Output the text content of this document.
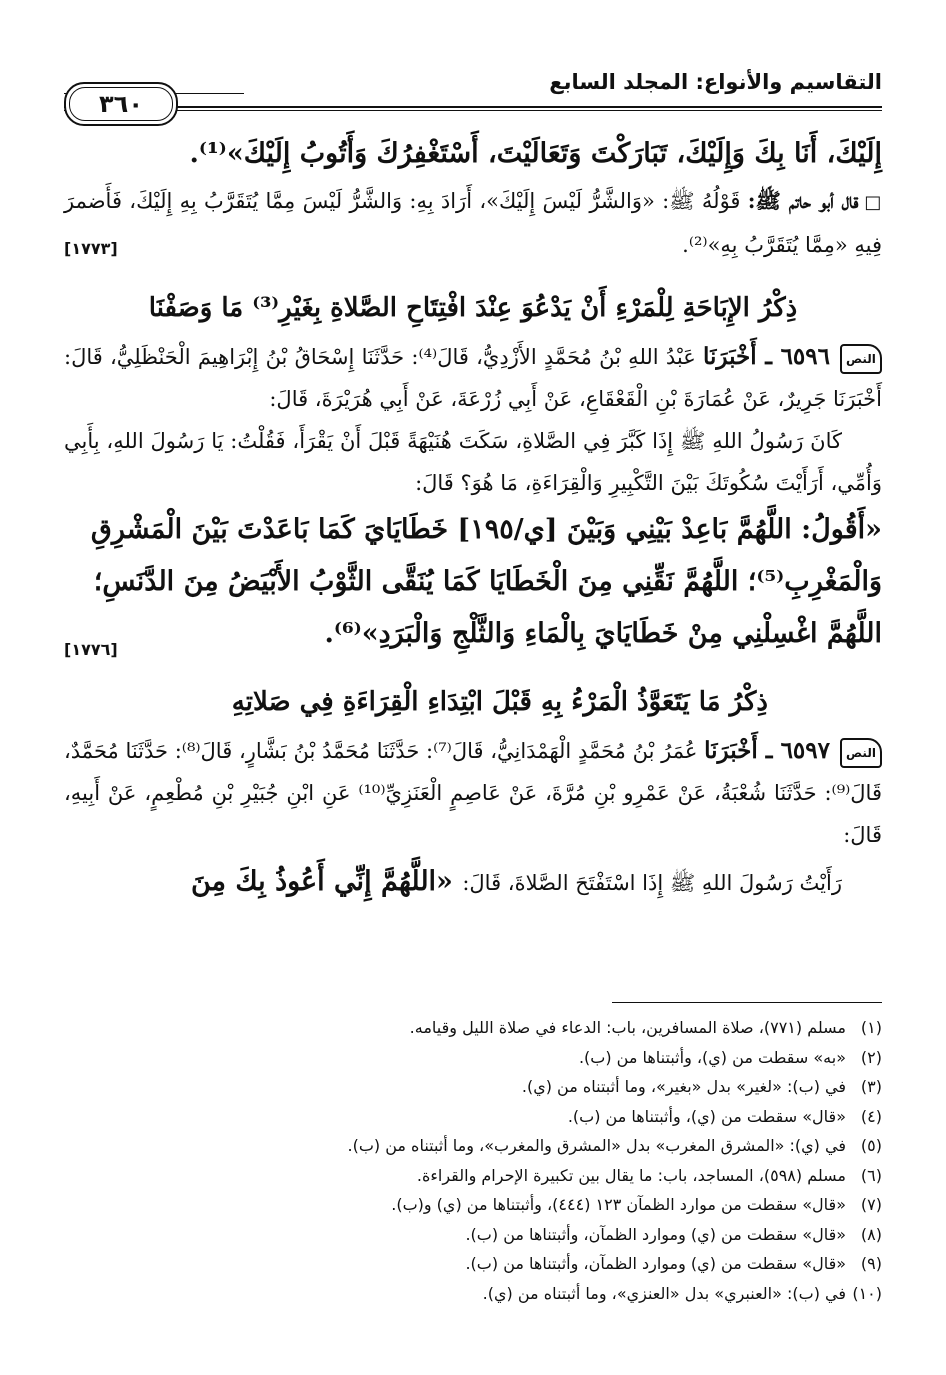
التقاسيم والأنواع: المجلد السابع
٣٦٠

إِلَيْكَ، أَنَا بِكَ وَإِلَيْكَ، تَبَارَكْتَ وَتَعَالَيْتَ، أَسْتَغْفِرُكَ وَأَتُوبُ إِلَيْكَ»⁽¹⁾.

□قال أبو حاتم ﷺ: قَوْلُهُ ﷺ: «وَالشَّرُّ لَيْسَ إِلَيْكَ»، أَرَادَ بِهِ: وَالشَّرُّ لَيْسَ مِمَّا يُتَقَرَّبُ بِهِ إِلَيْكَ، فَأَضمرَ فِيهِ «مِمَّا يُتَقَرَّبُ بِهِ»⁽²⁾.
[١٧٧٣]

ذِكْرُ الإِبَاحَةِ لِلْمَرْءِ أَنْ يَدْعُوَ عِنْدَ افْتِتَاحِ الصَّلاةِ بِغَيْرِ⁽³⁾ مَا وَصَفْنَا

النص٦٥٩٦ ـ أَخْبَرَنَا عَبْدُ اللهِ بْنُ مُحَمَّدٍ الأَزْدِيُّ، قَالَ⁽⁴⁾: حَدَّثَنَا إِسْحَاقُ بْنُ إِبْرَاهِيمَ الْحَنْظَلِيُّ، قَالَ: أَخْبَرَنَا جَرِيرٌ، عَنْ عُمَارَةَ بْنِ الْقَعْقَاعِ، عَنْ أَبِي زُرْعَةَ، عَنْ أَبِي هُرَيْرَةَ، قَالَ:

كَانَ رَسُولُ اللهِ ﷺ إِذَا كَبَّرَ فِي الصَّلاةِ، سَكَتَ هُنَيْهَةً قَبْلَ أَنْ يَقْرَأَ، فَقُلْتُ: يَا رَسُولَ اللهِ، بِأَبِي وَأُمِّي، أَرَأَيْتَ سُكُوتَكَ بَيْنَ التَّكْبِيرِ وَالْقِرَاءَةِ، مَا هُوَ؟ قَالَ:

«أَقُولُ: اللَّهُمَّ بَاعِدْ بَيْنِي وَبَيْنَ [ي/١٩٥] خَطَايَايَ كَمَا بَاعَدْتَ بَيْنَ الْمَشْرِقِ وَالْمَغْرِبِ⁽⁵⁾؛ اللَّهُمَّ نَقِّنِي مِنَ الْخَطَايَا كَمَا يُنَقَّى الثَّوْبُ الأَبْيَضُ مِنَ الدَّنَسِ؛ اللَّهُمَّ اغْسِلْنِي مِنْ خَطَايَايَ بِالْمَاءِ وَالثَّلْجِ وَالْبَرَدِ»⁽⁶⁾.
[١٧٧٦]

ذِكْرُ مَا يَتَعَوَّذُ الْمَرْءُ بِهِ قَبْلَ ابْتِدَاءِ الْقِرَاءَةِ فِي صَلاتِهِ

النص٦٥٩٧ ـ أَخْبَرَنَا عُمَرُ بْنُ مُحَمَّدٍ الْهَمْدَانِيُّ، قَالَ⁽⁷⁾: حَدَّثَنَا مُحَمَّدُ بْنُ بَشَّارٍ، قَالَ⁽⁸⁾: حَدَّثَنَا مُحَمَّدٌ، قَالَ⁽⁹⁾: حَدَّثَنَا شُعْبَةُ، عَنْ عَمْرِو بْنِ مُرَّةَ، عَنْ عَاصِمٍ الْعَنَزِيِّ⁽¹⁰⁾ عَنِ ابْنِ جُبَيْرِ بْنِ مُطْعِمٍ، عَنْ أَبِيهِ، قَالَ:

رَأَيْتُ رَسُولَ اللهِ ﷺ إِذَا اسْتَفْتَحَ الصَّلاةَ، قَالَ: «اللَّهُمَّ إِنِّي أَعُوذُ بِكَ مِنَ

(١)مسلم (٧٧١)، صلاة المسافرين، باب: الدعاء في صلاة الليل وقيامه.
(٢)«به» سقطت من (ي)، وأثبتناها من (ب).
(٣)في (ب): «لغير» بدل «بغير»، وما أثبتناه من (ي).
(٤)«قال» سقطت من (ي)، وأثبتناها من (ب).
(٥)في (ي): «المشرق المغرب» بدل «المشرق والمغرب»، وما أثبتناه من (ب).
(٦)مسلم (٥٩٨)، المساجد، باب: ما يقال بين تكبيرة الإحرام والقراءة.
(٧)«قال» سقطت من موارد الظمآن ١٢٣ (٤٤٤)، وأثبتناها من (ي) و(ب).
(٨)«قال» سقطت من (ي) وموارد الظمآن، وأثبتناها من (ب).
(٩)«قال» سقطت من (ي) وموارد الظمآن، وأثبتناها من (ب).
(١٠)في (ب): «العنبري» بدل «العنزي»، وما أثبتناه من (ي).
